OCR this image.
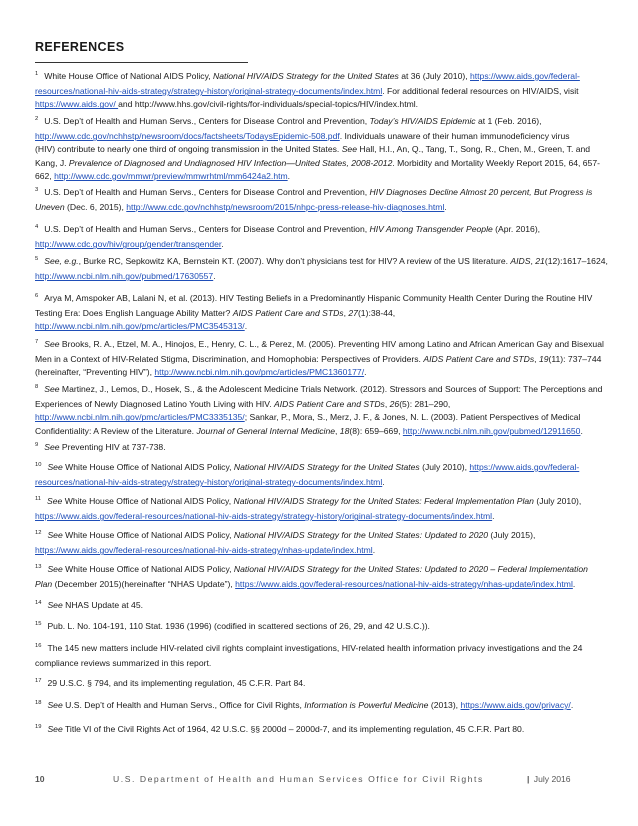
REFERENCES
$^1$ White House Office of National AIDS Policy, National HIV/AIDS Strategy for the United States at 36 (July 2010), https://www.aids.gov/federal-
resources/national-hiv-aids-strategy/strategy-history/original-strategy-documents/index.html. For additional federal resources on HIV/AIDS, visit
https://www.aids.gov/ and http://www.hhs.gov/civil-rights/for-individuals/special-topics/HIV/index.html.
$^2$ U.S. Dep’t of Health and Human Servs., Centers for Disease Control and Prevention, Today’s HIV/AIDS Epidemic at 1 (Feb. 2016),
http://www.cdc.gov/nchhstp/newsroom/docs/factsheets/TodaysEpidemic-508.pdf. Individuals unaware of their human immunodeficiency virus
(HIV) contribute to nearly one third of ongoing transmission in the United States. See Hall, H.I., An, Q., Tang, T., Song, R., Chen, M., Green, T. and
Kang, J. Prevalence of Diagnosed and Undiagnosed HIV Infection—United States, 2008-2012. Morbidity and Mortality Weekly Report 2015, 64, 657-
662, http://www.cdc.gov/mmwr/preview/mmwrhtml/mm6424a2.htm.
$^3$ U.S. Dep’t of Health and Human Servs., Centers for Disease Control and Prevention, HIV Diagnoses Decline Almost 20 percent, But Progress is
Uneven (Dec. 6, 2015), http://www.cdc.gov/nchhstp/newsroom/2015/nhpc-press-release-hiv-diagnoses.html.
$^4$ U.S. Dep’t of Health and Human Servs., Centers for Disease Control and Prevention, HIV Among Transgender People (Apr. 2016),
http://www.cdc.gov/hiv/group/gender/transgender.
$^5$ See, e.g., Burke RC, Sepkowitz KA, Bernstein KT. (2007). Why don’t physicians test for HIV? A review of the US literature. AIDS, 21(12):1617–1624,
http://www.ncbi.nlm.nih.gov/pubmed/17630557.
$^6$ Arya M, Amspoker AB, Lalani N, et al. (2013). HIV Testing Beliefs in a Predominantly Hispanic Community Health Center During the Routine HIV
Testing Era: Does English Language Ability Matter? AIDS Patient Care and STDs, 27(1):38-44,
http://www.ncbi.nlm.nih.gov/pmc/articles/PMC3545313/.
$^7$ See Brooks, R. A., Etzel, M. A., Hinojos, E., Henry, C. L., & Perez, M. (2005). Preventing HIV among Latino and African American Gay and Bisexual
Men in a Context of HIV-Related Stigma, Discrimination, and Homophobia: Perspectives of Providers. AIDS Patient Care and STDs, 19(11): 737–744
(hereinafter, “Preventing HIV”), http://www.ncbi.nlm.nih.gov/pmc/articles/PMC1360177/.
$^8$ See Martinez, J., Lemos, D., Hosek, S., & the Adolescent Medicine Trials Network. (2012). Stressors and Sources of Support: The Perceptions and
Experiences of Newly Diagnosed Latino Youth Living with HIV. AIDS Patient Care and STDs, 26(5): 281–290,
http://www.ncbi.nlm.nih.gov/pmc/articles/PMC3335135/; Sankar, P., Mora, S., Merz, J. F., & Jones, N. L. (2003). Patient Perspectives of Medical
Confidentiality: A Review of the Literature. Journal of General Internal Medicine, 18(8): 659–669, http://www.ncbi.nlm.nih.gov/pubmed/12911650.
$^9$ See Preventing HIV at 737-738.
$^{10}$ See White House Office of National AIDS Policy, National HIV/AIDS Strategy for the United States (July 2010), https://www.aids.gov/federal-
resources/national-hiv-aids-strategy/strategy-history/original-strategy-documents/index.html.
$^{11}$ See White House Office of National AIDS Policy, National HIV/AIDS Strategy for the United States: Federal Implementation Plan (July 2010),
https://www.aids.gov/federal-resources/national-hiv-aids-strategy/strategy-history/original-strategy-documents/index.html.
$^{12}$ See White House Office of National AIDS Policy, National HIV/AIDS Strategy for the United States: Updated to 2020 (July 2015),
https://www.aids.gov/federal-resources/national-hiv-aids-strategy/nhas-update/index.html.
$^{13}$ See White House Office of National AIDS Policy, National HIV/AIDS Strategy for the United States: Updated to 2020 – Federal Implementation
Plan (December 2015)(hereinafter “NHAS Update”), https://www.aids.gov/federal-resources/national-hiv-aids-strategy/nhas-update/index.html.
$^{14}$ See NHAS Update at 45.
$^{15}$ Pub. L. No. 104-191, 110 Stat. 1936 (1996) (codified in scattered sections of 26, 29, and 42 U.S.C.)).
$^{16}$ The 145 new matters include HIV-related civil rights complaint investigations, HIV-related health information privacy investigations and the 24
compliance reviews summarized in this report.
$^{17}$ 29 U.S.C. § 794, and its implementing regulation, 45 C.F.R. Part 84.
$^{18}$ See U.S. Dep’t of Health and Human Servs., Office for Civil Rights, Information is Powerful Medicine (2013), https://www.aids.gov/privacy/.
$^{19}$ See Title VI of the Civil Rights Act of 1964, 42 U.S.C. §§ 2000d – 2000d-7, and its implementing regulation, 45 C.F.R. Part 80.
10	U.S. Department of Health and Human Services Office for Civil Rights	| July 2016
